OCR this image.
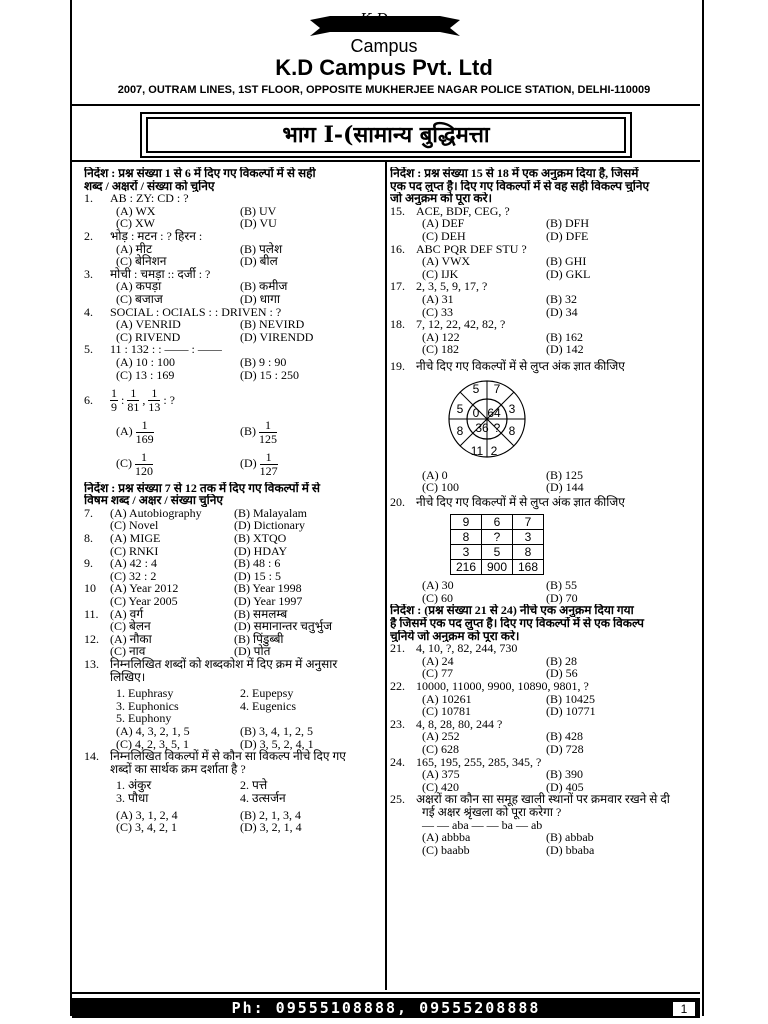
K.D
Campus
K.D Campus Pvt. Ltd
2007, OUTRAM LINES, 1ST FLOOR, OPPOSITE MUKHERJEE NAGAR POLICE STATION, DELHI-110009
भाग I-(सामान्य बुद्धिमत्ता
निर्देश : प्रश्न संख्या 1 से 6 में दिए गए विकल्पों में से सही
शब्द / अक्षरों / संख्या को चुनिए
1.	AB : ZY: CD : ?
(A) WX	(B) UV
(C) XW	(D) VU
2.	भोड़ : मटन : ? हिरन :
(A) मीट	(B) पलेश
(C) बेनिशन	(D) बील
3.	मोची : चमड़ा :: दर्जी : ?
(A) कपड़ा	(B) कमीज
(C) बजाज	(D) धागा
4.	SOCIAL : OCIALS : : DRIVEN : ?
(A) VENRID	(B) NEVIRD
(C) RIVEND	(D) VIRENDD
5.	11 : 132 : : —— : ——
(A) 10 : 100	(B) 9 : 90
(C) 13 : 169	(D) 15 : 250
6.	$\frac{1}{9}$ : $\frac{1}{81}$ , $\frac{1}{13}$ : ?
$(A) \frac{1}{169}$	$(B) \frac{1}{125}$
$(C) \frac{1}{120}$	$(D) \frac{1}{127}$
निर्देश : प्रश्न संख्या 7 से 12 तक में दिए गए विकल्पों में से
विषम शब्द / अक्षर / संख्या चुनिए
7.	(A) Autobiography	(B) Malayalam
(C) Novel	(D) Dictionary
8.	(A) MIGE	(B) XTQO
(C) RNKI	(D) HDAY
9.	(A) 42 : 4	(B) 48 : 6
(C) 32 : 2	(D) 15 : 5
10	(A) Year 2012	(B) Year 1998
(C) Year 2005	(D) Year 1997
11. (A) वर्ग	(B) समलम्ब
(C) बेलन	(D) समानान्तर चतुर्भुज
12. (A) नौका	(B) पिंडुब्बी
(C) नाव	(D) पोत
13. निम्नलिखित शब्दों को शब्दकोश में दिए क्रम में अनुसार
लिखिए।
1. Euphrasy	2. Eupepsy
3. Euphonics	4. Eugenics
5. Euphony
(A) 4, 3, 2, 1, 5	(B) 3, 4, 1, 2, 5
(C) 4, 2, 3, 5, 1	(D) 3, 5, 2, 4, 1
14. निम्नलिखित विकल्पों में से कौन सा विकल्प नीचे दिए गए
शब्दों का सार्थक क्रम दर्शाता है ?
1. अंकुर	2. पत्ते
3. पौधा	4. उत्सर्जन
(A) 3, 1, 2, 4	(B) 2, 1, 3, 4
(C) 3, 4, 2, 1	(D) 3, 2, 1, 4
निर्देश : प्रश्न संख्या 15 से 18 में एक अनुक्रम दिया है, जिसमें
एक पद लुप्त है। दिए गए विकल्पों में से वह सही विकल्प चुनिए
जो अनुक्रम को पूरा करे।
15. ACE, BDF, CEG, ?
(A) DEF	(B) DFH
(C) DEH	(D) DFE
16. ABC PQR DEF STU ?
(A) VWX	(B) GHI
(C) IJK	(D) GKL
17. 2, 3, 5, 9, 17, ?
(A) 31	(B) 32
(C) 33	(D) 34
18. 7, 12, 22, 42, 82, ?
(A) 122	(B) 162
(C) 182	(D) 142
19. नीचे दिए गए विकल्पों में से लुप्त अंक ज्ञात कीजिए
7
3
8
2
11
8
5
5
0 64
36 ?
(A) 0	(B) 125
(C) 100	(D) 144
20. नीचे दिए गए विकल्पों में से लुप्त अंक ज्ञात कीजिए
9	6	7
8	?	3
3	5	8
216	900	168
(A) 30	(B) 55
(C) 60	(D) 70
निर्देश : (प्रश्न संख्या 21 से 24) नीचे एक अनुक्रम दिया गया
है जिसमें एक पद लुप्त है। दिए गए विकल्पों में से एक विकल्प
चुनिये जो अनुक्रम को पूरा करे।
21. 4, 10, ?, 82, 244, 730
(A) 24	(B) 28
(C) 77	(D) 56
22. 10000, 11000, 9900, 10890, 9801, ?
(A) 10261	(B) 10425
(C) 10781	(D) 10771
23. 4, 8, 28, 80, 244 ?
(A) 252	(B) 428
(C) 628	(D) 728
24. 165, 195, 255, 285, 345, ?
(A) 375	(B) 390
(C) 420	(D) 405
25. अक्षरों का कौन सा समूह खाली स्थानों पर क्रमवार रखने से दी
गई अक्षर श्रृंखला को पूरा करेगा ?
— — aba — — ba — ab
(A) abbba	(B) abbab
(C) baabb	(D) bbaba
Ph: 09555108888, 09555208888	1
